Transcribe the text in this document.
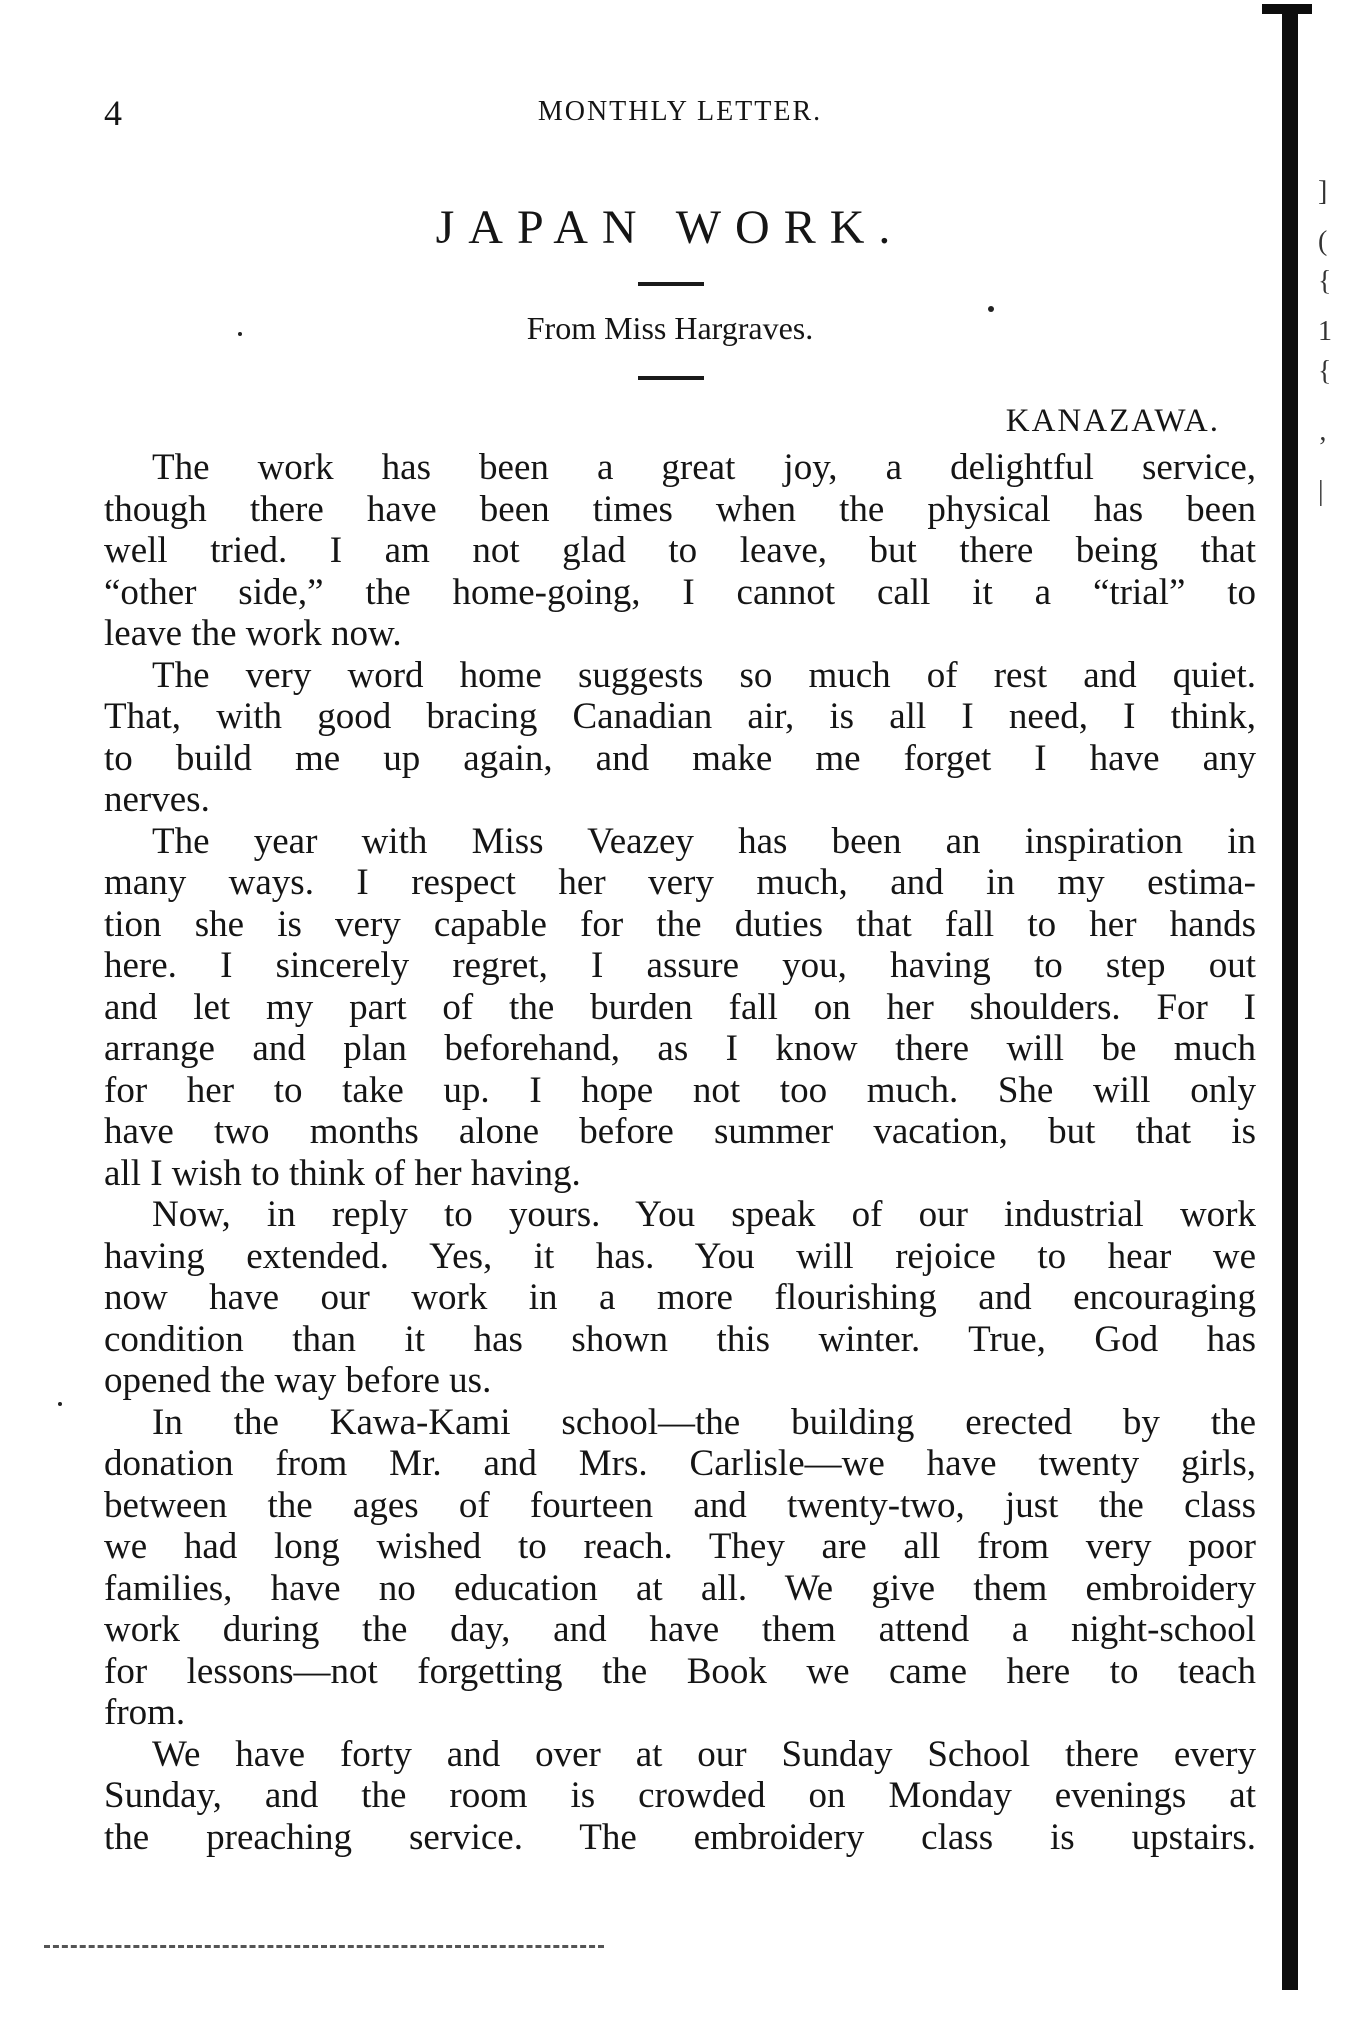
4	MONTHLY LETTER.
JAPAN WORK.
From Miss Hargraves.
KANAZAWA.
The work has been a great joy, a delightful service,
though there have been times when the physical has been
well tried. I am not glad to leave, but there being that
“other side,” the home-going, I cannot call it a “trial” to
leave the work now.
The very word home suggests so much of rest and quiet.
That, with good bracing Canadian air, is all I need, I think,
to build me up again, and make me forget I have any
nerves.
The year with Miss Veazey has been an inspiration in
many ways. I respect her very much, and in my estima-
tion she is very capable for the duties that fall to her hands
here. I sincerely regret, I assure you, having to step out
and let my part of the burden fall on her shoulders. For I
arrange and plan beforehand, as I know there will be much
for her to take up. I hope not too much. She will only
have two months alone before summer vacation, but that is
all I wish to think of her having.
Now, in reply to yours. You speak of our industrial work
having extended. Yes, it has. You will rejoice to hear we
now have our work in a more flourishing and encouraging
condition than it has shown this winter. True, God has
opened the way before us.
In the Kawa-Kami school—the building erected by the
donation from Mr. and Mrs. Carlisle—we have twenty girls,
between the ages of fourteen and twenty-two, just the class
we had long wished to reach. They are all from very poor
families, have no education at all. We give them embroidery
work during the day, and have them attend a night-school
for lessons—not forgetting the Book we came here to teach
from.
We have forty and over at our Sunday School there every
Sunday, and the room is crowded on Monday evenings at
the preaching service. The embroidery class is upstairs.
]
(
{
1
{
’
|
